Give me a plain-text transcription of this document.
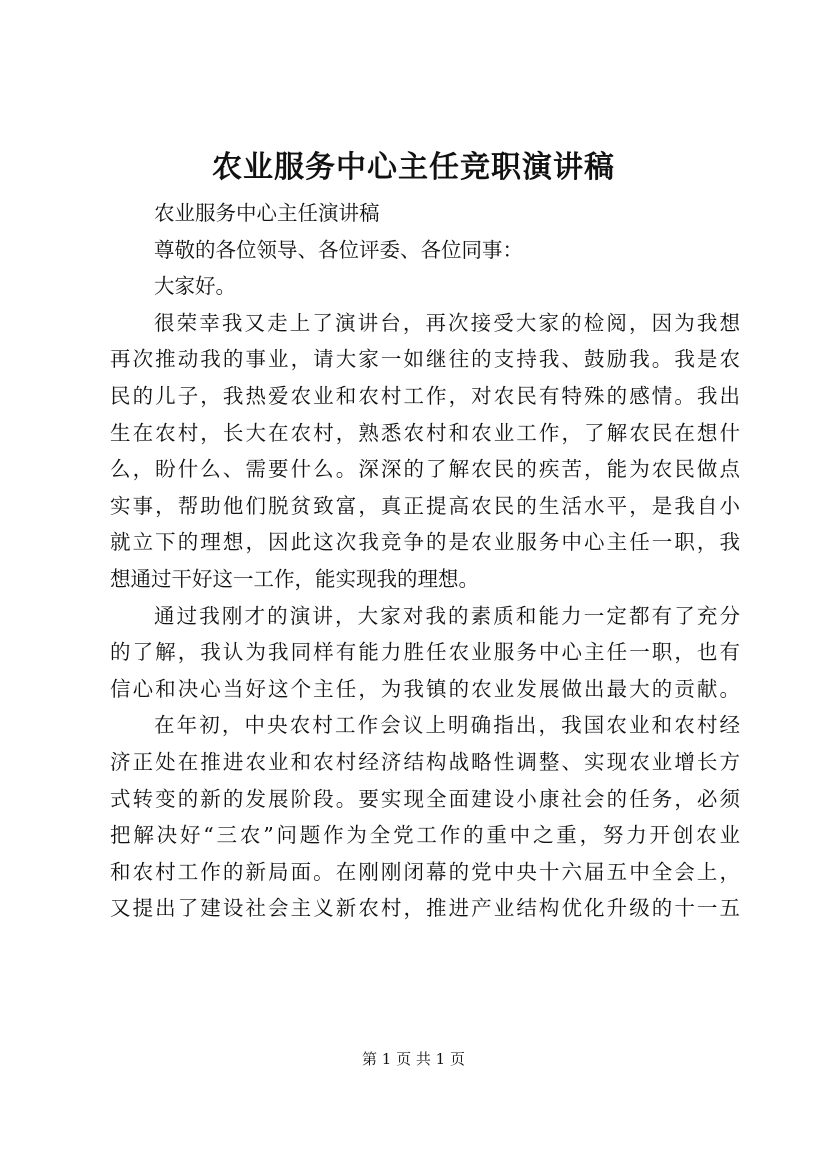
农业服务中心主任竞职演讲稿
农业服务中心主任演讲稿
尊敬的各位领导、各位评委、各位同事：
大家好。
很荣幸我又走上了演讲台，再次接受大家的检阅，因为我想
再次推动我的事业，请大家一如继往的支持我、鼓励我。我是农
民的儿子，我热爱农业和农村工作，对农民有特殊的感情。我出
生在农村，长大在农村，熟悉农村和农业工作，了解农民在想什
么，盼什么、需要什么。深深的了解农民的疾苦，能为农民做点
实事，帮助他们脱贫致富，真正提高农民的生活水平，是我自小
就立下的理想，因此这次我竞争的是农业服务中心主任一职，我
想通过干好这一工作，能实现我的理想。
通过我刚才的演讲，大家对我的素质和能力一定都有了充分
的了解，我认为我同样有能力胜任农业服务中心主任一职，也有
信心和决心当好这个主任，为我镇的农业发展做出最大的贡献。
在年初，中央农村工作会议上明确指出，我国农业和农村经
济正处在推进农业和农村经济结构战略性调整、实现农业增长方
式转变的新的发展阶段。要实现全面建设小康社会的任务，必须
把解决好“三农”问题作为全党工作的重中之重，努力开创农业
和农村工作的新局面。在刚刚闭幕的党中央十六届五中全会上，
又提出了建设社会主义新农村，推进产业结构优化升级的十一五
第 1 页 共 1 页
